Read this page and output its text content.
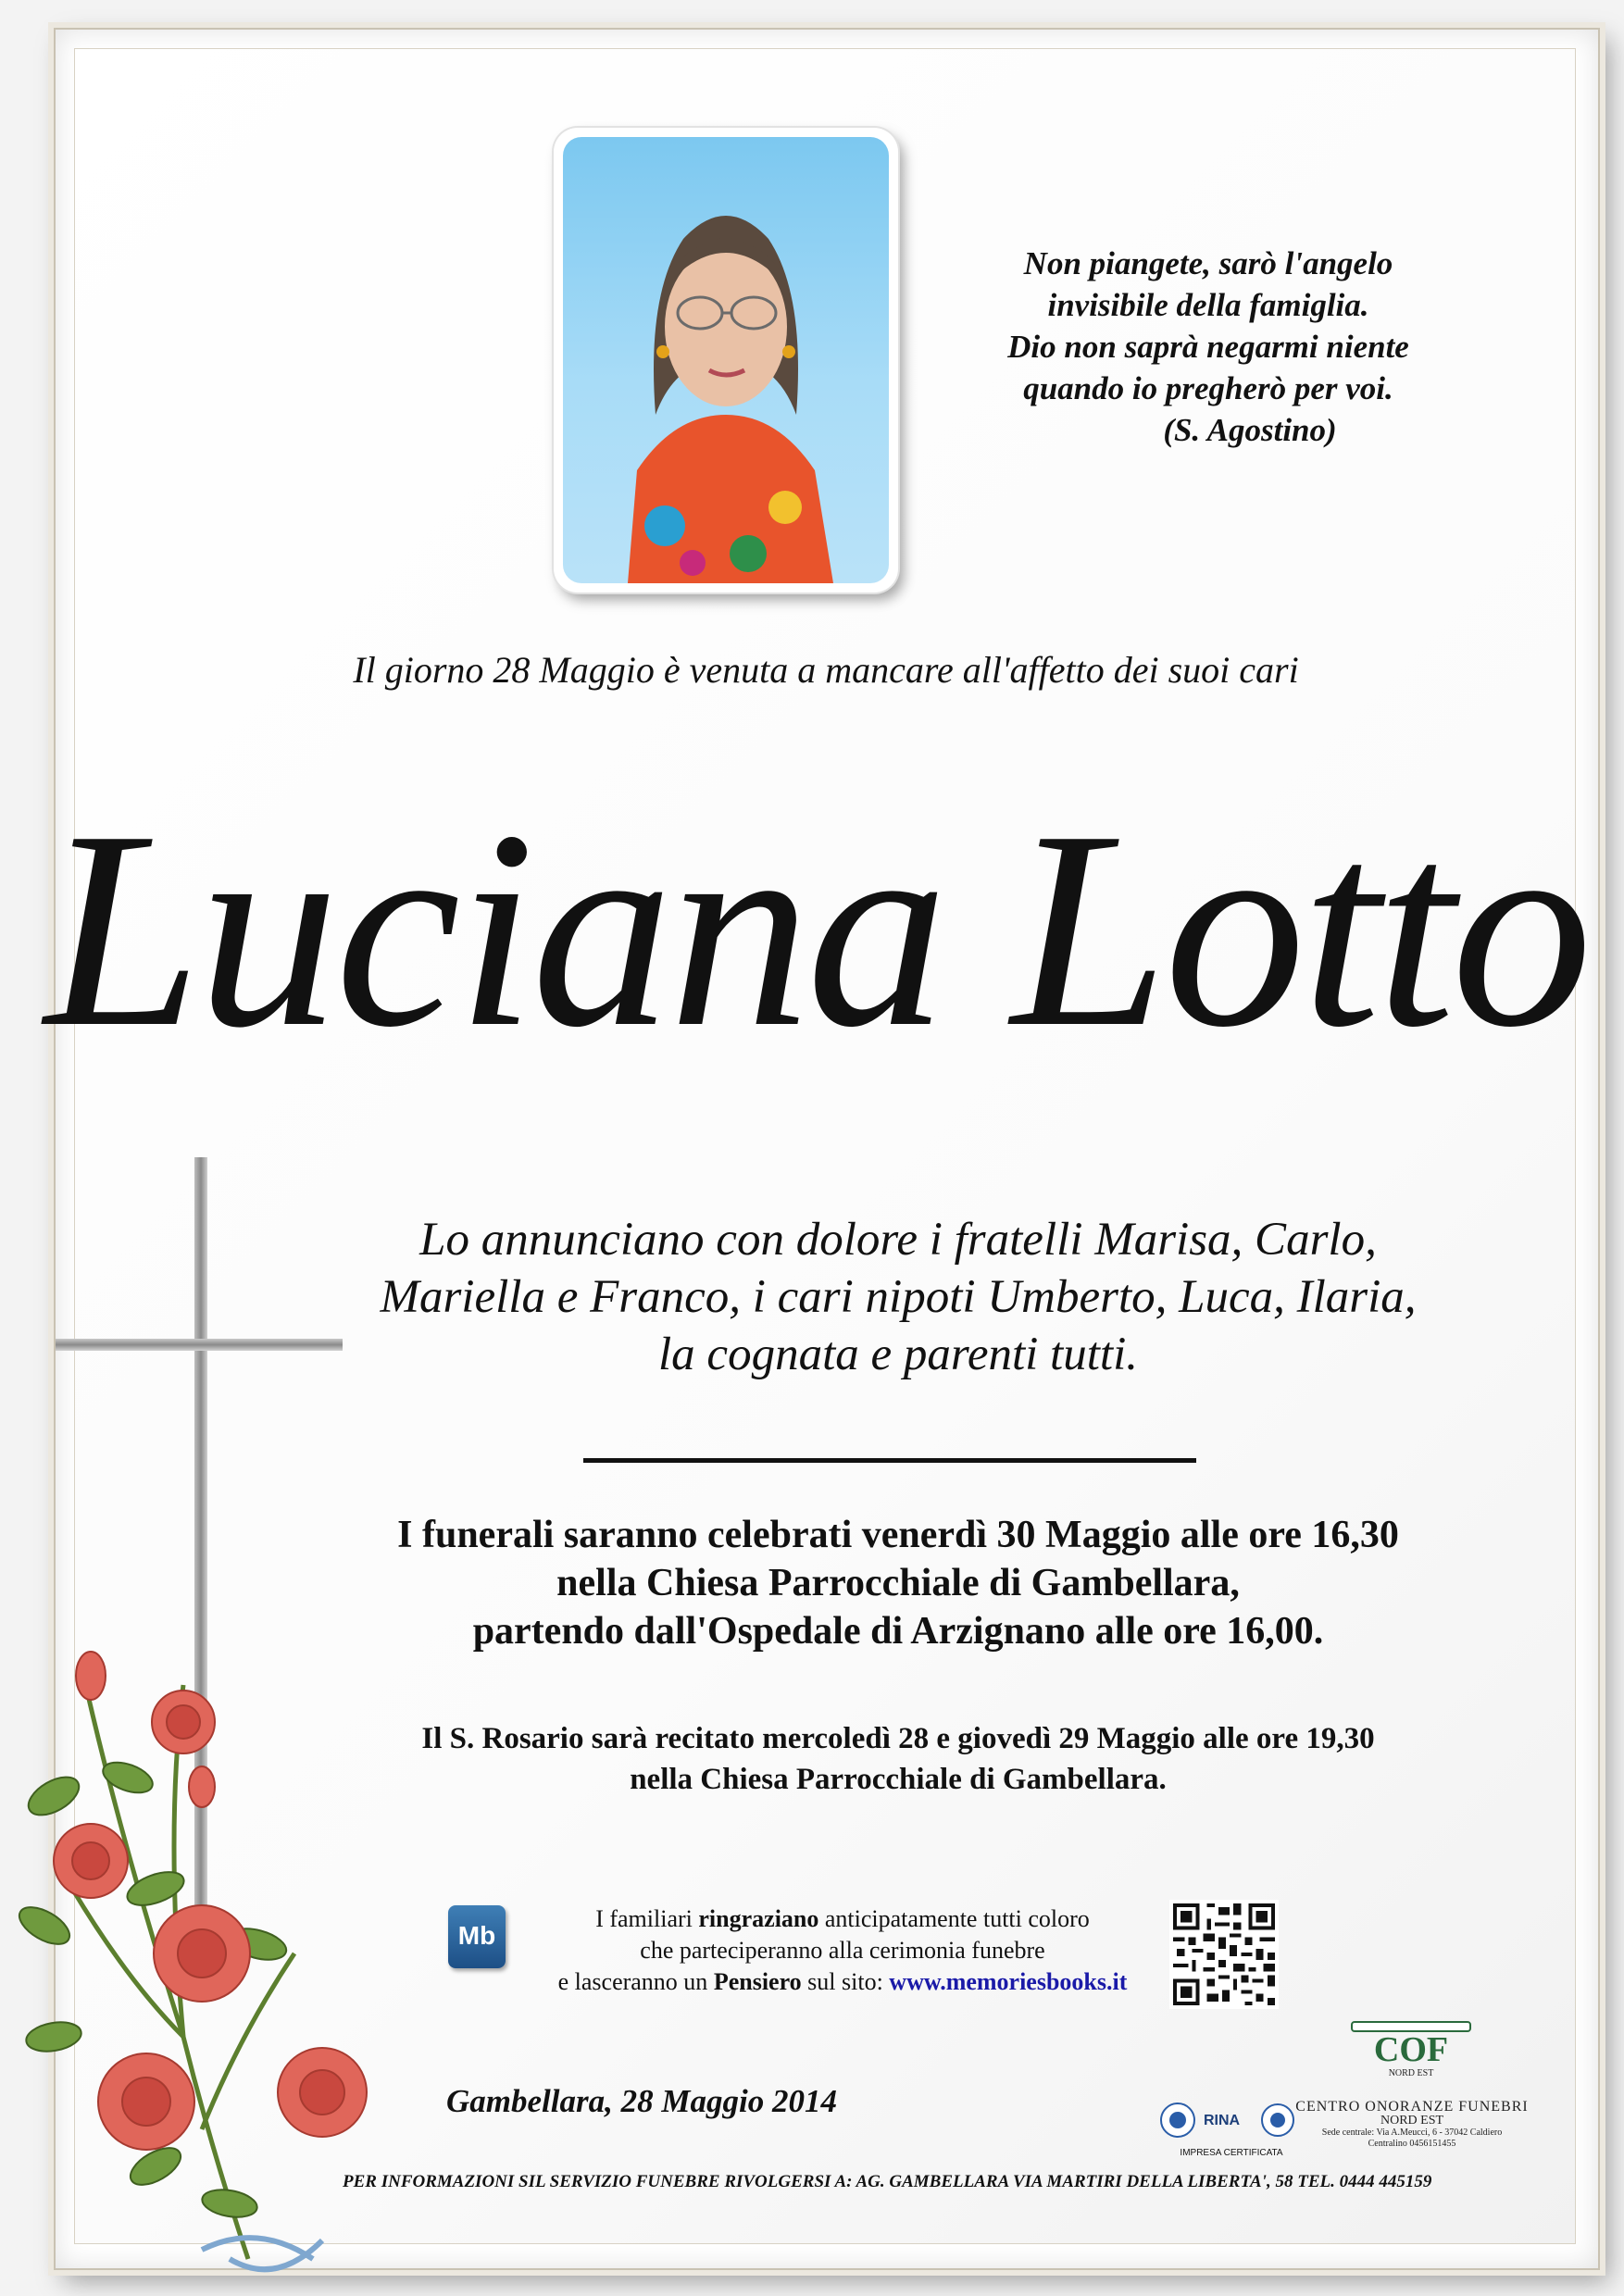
Non piangete, sarò l'angelo
invisibile della famiglia.
Dio non saprà negarmi niente
quando io pregherò per voi.
(S. Agostino)
Il giorno 28 Maggio è venuta a mancare all'affetto dei suoi cari
Luciana Lotto
Lo annunciano con dolore i fratelli Marisa, Carlo,
Mariella e Franco, i cari nipoti Umberto, Luca, Ilaria,
la cognata e parenti tutti.
I funerali saranno celebrati venerdì 30 Maggio alle ore 16,30
nella Chiesa Parrocchiale di Gambellara,
partendo dall'Ospedale di Arzignano alle ore 16,00.
Il S. Rosario sarà recitato mercoledì 28 e giovedì 29 Maggio alle ore 19,30
nella Chiesa Parrocchiale di Gambellara.
Mb
I familiari ringraziano anticipatamente tutti coloro
che parteciperanno alla cerimonia funebre
e lasceranno un Pensiero sul sito: www.memoriesbooks.it
Gambellara, 28 Maggio 2014
RINA
IMPRESA CERTIFICATA
COF
NORD EST
CENTRO ONORANZE FUNEBRI
NORD EST
Sede centrale: Via A.Meucci, 6 - 37042 Caldiero
Centralino 0456151455
PER INFORMAZIONI SIL SERVIZIO FUNEBRE RIVOLGERSI A: AG. GAMBELLARA VIA MARTIRI DELLA LIBERTA', 58 TEL. 0444 445159
